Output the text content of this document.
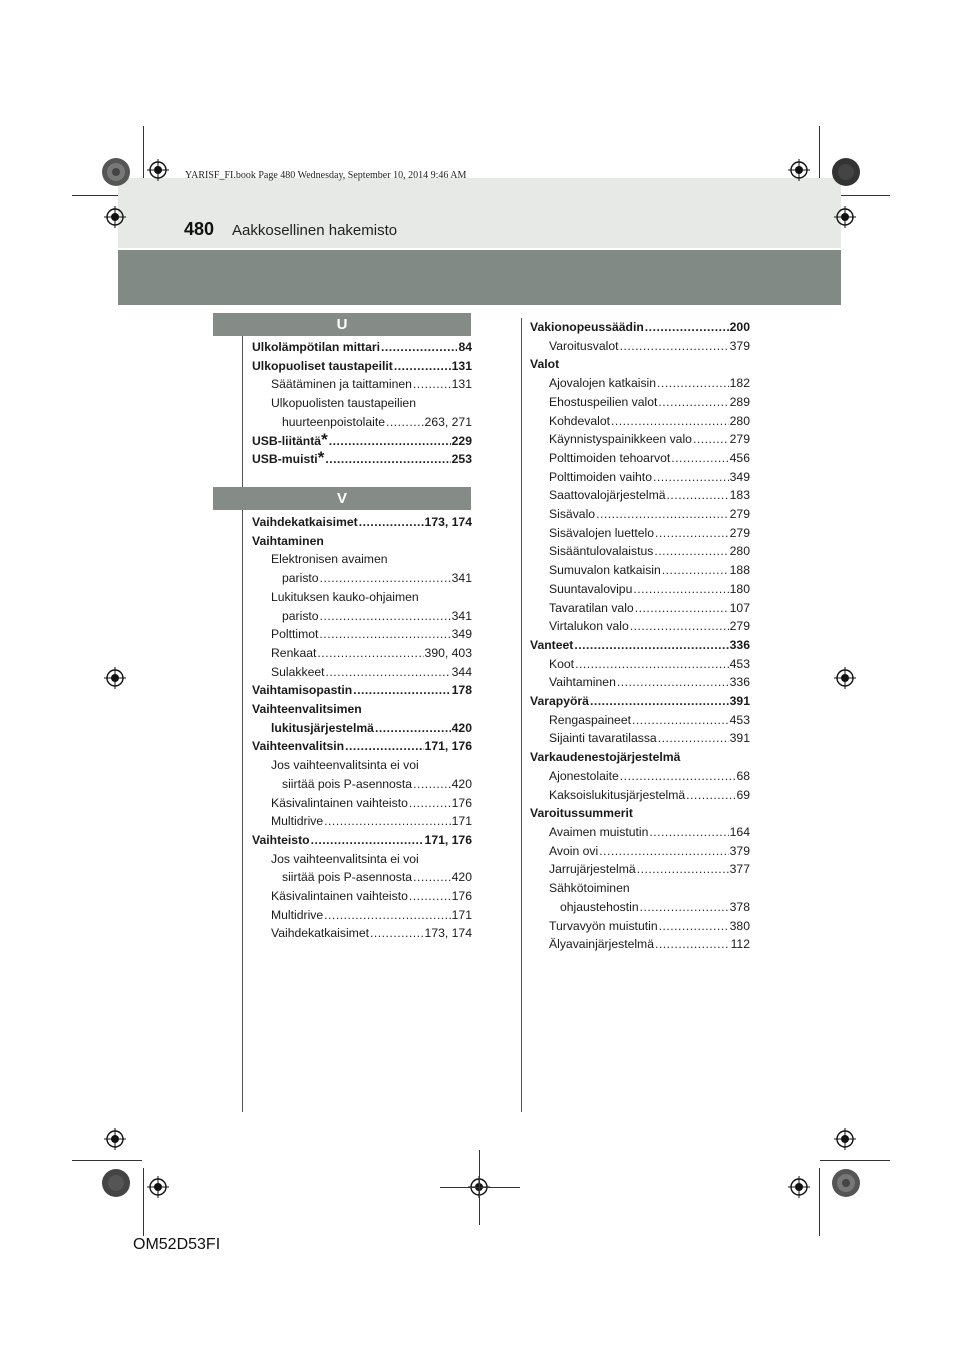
YARISF_FI.book Page 480 Wednesday, September 10, 2014 9:46 AM
480 Aakkosellinen hakemisto
U
V
Ulkolämpötilan mittari .....	84
Ulkopuoliset taustapeilit .....	131
Säätäminen ja taittaminen .....	131
Ulkopuolisten taustapeilien
huurteenpoistolaite .....	263, 271
USB-liitäntä * .....	229
USB-muisti * .....	253
Vaihdekatkaisimet .....	173, 174
Vaihtaminen
Elektronisen avaimen
paristo .....	341
Lukituksen kauko-ohjaimen
paristo .....	341
Polttimot .....	349
Renkaat .....	390, 403
Sulakkeet .....	344
Vaihtamisopastin .....	178
Vaihteenvalitsimen
lukitusjärjestelmä .....	420
Vaihteenvalitsin .....	171, 176
Jos vaihteenvalitsinta ei voi
siirtää pois P-asennosta .....	420
Käsivalintainen vaihteisto .....	176
Multidrive .....	171
Vaihteisto .....	171, 176
Jos vaihteenvalitsinta ei voi
siirtää pois P-asennosta .....	420
Käsivalintainen vaihteisto .....	176
Multidrive .....	171
Vaihdekatkaisimet .....	173, 174
Vakionopeussäädin .....	200
Varoitusvalot .....	379
Valot
Ajovalojen katkaisin .....	182
Ehostuspeilien valot .....	289
Kohdevalot .....	280
Käynnistyspainikkeen valo .....	279
Polttimoiden tehoarvot .....	456
Polttimoiden vaihto .....	349
Saattovalojärjestelmä .....	183
Sisävalo .....	279
Sisävalojen luettelo .....	279
Sisääntulovalaistus .....	280
Sumuvalon katkaisin .....	188
Suuntavalovipu .....	180
Tavaratilan valo .....	107
Virtalukon valo .....	279
Vanteet .....	336
Koot .....	453
Vaihtaminen .....	336
Varapyörä .....	391
Rengaspaineet .....	453
Sijainti tavaratilassa .....	391
Varkaudenestojärjestelmä
Ajonestolaite .....	68
Kaksoislukitusjärjestelmä .....	69
Varoitussummerit
Avaimen muistutin .....	164
Avoin ovi .....	379
Jarrujärjestelmä .....	377
Sähkötoiminen
ohjaustehostin .....	378
Turvavyön muistutin .....	380
Älyavainjärjestelmä .....	112
OM52D53FI
